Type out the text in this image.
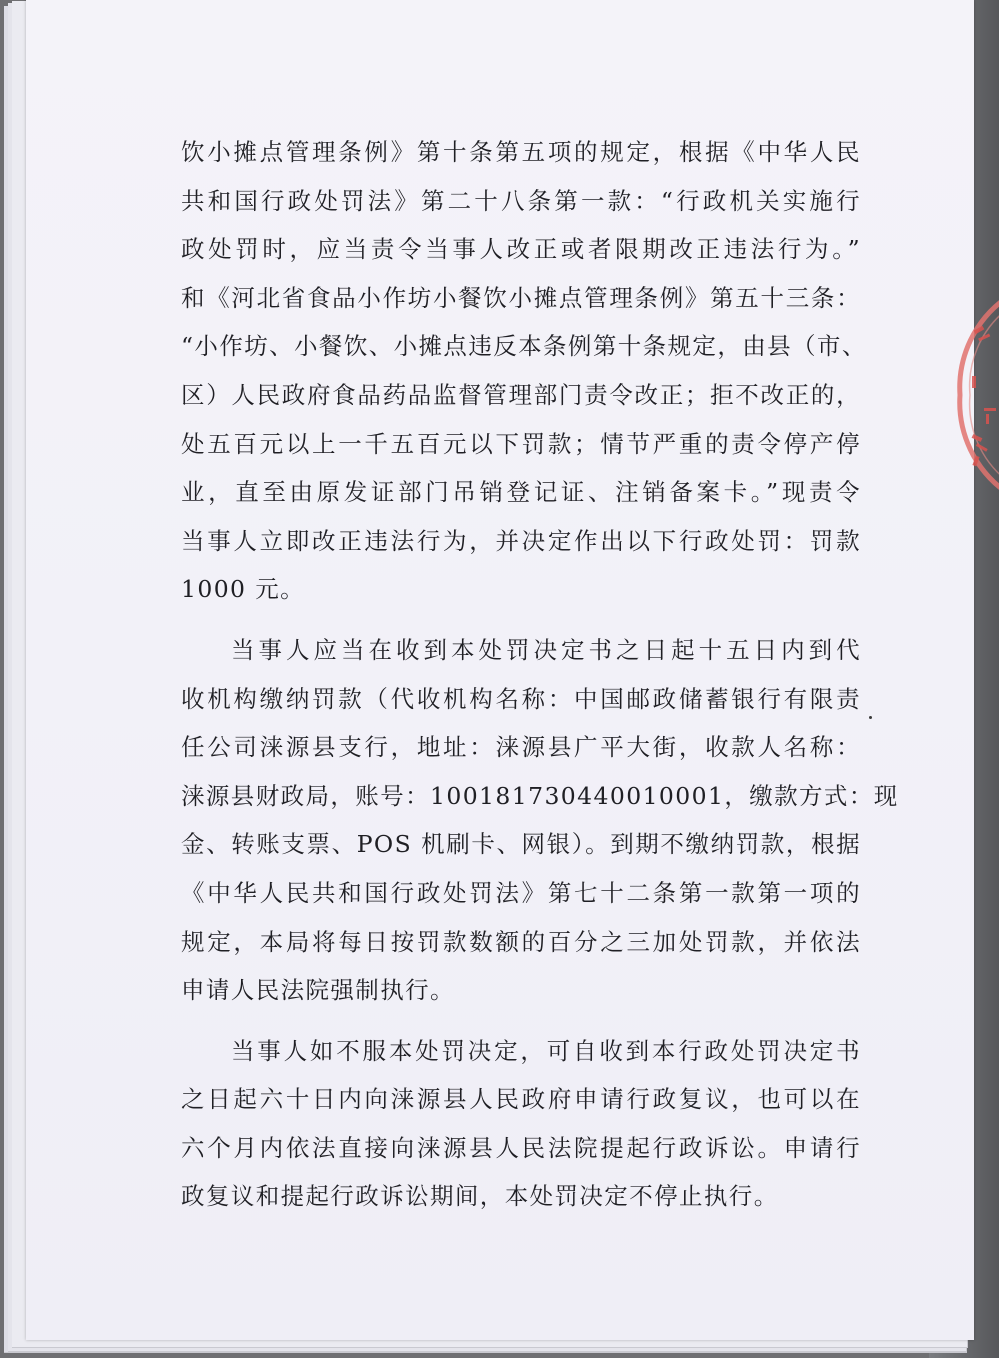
饮小摊点管理条例》第十条第五项的规定，根据《中华人民
共和国行政处罚法》第二十八条第一款：“行政机关实施行
政处罚时，应当责令当事人改正或者限期改正违法行为。”
和《河北省食品小作坊小餐饮小摊点管理条例》第五十三条：
“小作坊、小餐饮、小摊点违反本条例第十条规定，由县（市、
区）人民政府食品药品监督管理部门责令改正；拒不改正的，
处五百元以上一千五百元以下罚款；情节严重的责令停产停
业，直至由原发证部门吊销登记证、注销备案卡。”现责令
当事人立即改正违法行为，并决定作出以下行政处罚：罚款
1000 元。
当事人应当在收到本处罚决定书之日起十五日内到代
收机构缴纳罚款（代收机构名称：中国邮政储蓄银行有限责
任公司涞源县支行，地址：涞源县广平大街，收款人名称：
涞源县财政局，账号：100181730440010001，缴款方式：现
金、转账支票、POS 机刷卡、网银）。到期不缴纳罚款，根据
《中华人民共和国行政处罚法》第七十二条第一款第一项的
规定，本局将每日按罚款数额的百分之三加处罚款，并依法
申请人民法院强制执行。
当事人如不服本处罚决定，可自收到本行政处罚决定书
之日起六十日内向涞源县人民政府申请行政复议，也可以在
六个月内依法直接向涞源县人民法院提起行政诉讼。申请行
政复议和提起行政诉讼期间，本处罚决定不停止执行。
